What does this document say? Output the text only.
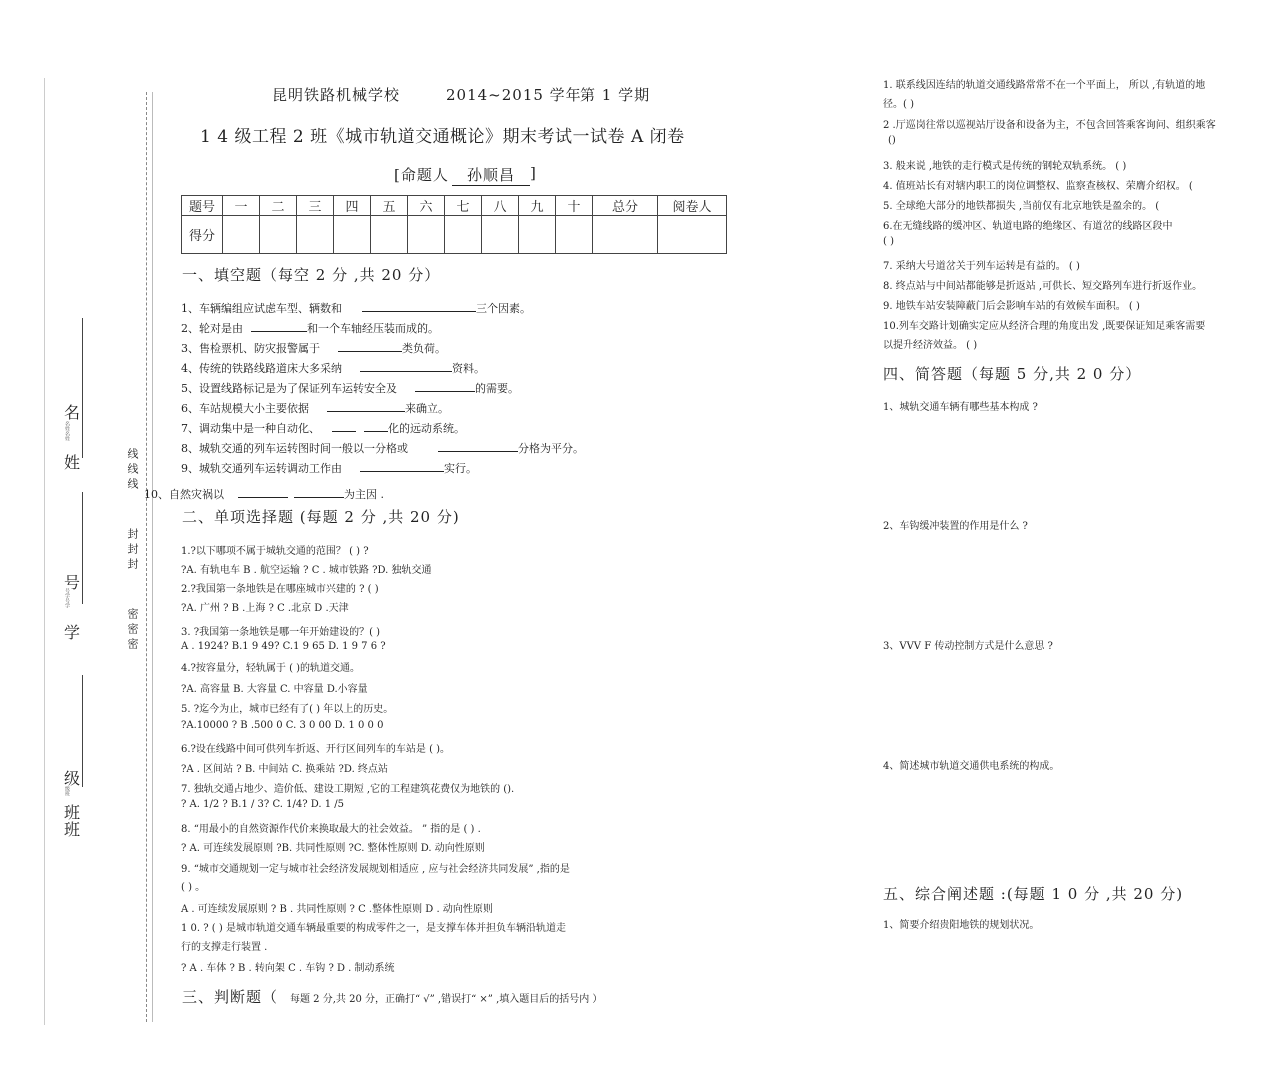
名
名姓名姓
姓
号
号学号学
学
级
级班
班
班
线线线
封封封
密密密
昆明铁路机械学校	2014~2015 学年
第 1 学期
1 4 级工程 2 班《城市轨道交通概论》期末考试一试卷 A 闭卷
[命题人	孙顺昌	]
题号	一	二	三	四	五	六	七	八	九	十	总分	阅卷人
得分												
一、填空题（每空 2 分 ,共 20 分）
1、车辆编组应试虑车型、辆数和	三个因素。
2、轮对是由	和一个车轴经压装而成的。
3、售检票机、防灾报警属于	类负荷。
4、传统的铁路线路道床大多采纳	资料。
5、设置线路标记是为了保证列车运转安全及	的需要。
6、车站规模大小主要依据	来确立。
7、调动集中是一种自动化、	化的远动系统。
8、城轨交通的列车运转图时间一般以一分格或	分格为平分。
9、城轨交通列车运转调动工作由	实行。
10、自然灾祸以	为主因 .
二、单项选择题 (每题 2 分 ,共 20 分)
1.?以下哪项不属于城轨交通的范围？ ( ) ?
?A. 有轨电车 B . 航空运输 ? C . 城市铁路 ?D. 独轨交通
2.?我国第一条地铁是在哪座城市兴建的 ? ( )
?A. 广州 ? B .上海 ? C .北京 D .天津
3. ?我国第一条地铁是哪一年开始建设的？( )
A . 1924? B.1 9 49? C.1 9 65 D. 1 9 7 6 ?
4.?按容量分，轻轨属于 ( )的轨道交通。
?A. 高容量 B. 大容量 C. 中容量 D.小容量
5. ?迄今为止，城市已经有了( ) 年以上的历史。
?A.10000 ? B .500 0 C. 3 0 00 D. 1 0 0 0
6.?设在线路中间可供列车折返、开行区间列车的车站是 ( )。
?A . 区间站 ? B. 中间站 C. 换乘站 ?D. 终点站
7. 独轨交通占地少、造价低、建设工期短 ,它的工程建筑花费仅为地铁的 ().
? A. 1/2 ? B.1 / 3? C. 1/4? D. 1 /5
8. “用最小的自然资源作代价来换取最大的社会效益。 ” 指的是 ( ) .
? A. 可连续发展原则 ?B. 共同性原则 ?C. 整体性原则 D. 动向性原则
9. “城市交通规划一定与城市社会经济发展规划相适应 , 应与社会经济共同发展” ,指的是
( ) 。
A . 可连续发展原则 ? B . 共同性原则 ? C .整体性原则 D . 动向性原则
1 0. ? ( ) 是城市轨道交通车辆最重要的构成零件之一，是支撑车体并担负车辆沿轨道走
行的支撑走行装置 .
? A . 车体 ? B . 转向架 C . 车钩 ? D . 制动系统
三、判断题（ 每题 2 分,共 20 分，正确打“ √” ,错误打“ ×” ,填入题目后的括号内 ）
1. 联系线因连结的轨道交通线路常常不在一个平面上， 所以 ,有轨道的地
径。( )
2 .厅巡岗往常以巡视站厅设备和设备为主，不包含回答乘客询问、组织乘客
()
3. 般来说 ,地铁的走行模式是传统的钢轮双轨系统。 ( )
4. 值班站长有对辖内职工的岗位调整权、监察查核权、荣膺介绍权。 (
5. 全球绝大部分的地铁都损失 ,当前仅有北京地铁是盈余的。 (
6.在无缝线路的缓冲区、轨道电路的绝缘区、有道岔的线路区段中
( )
7. 采纳大号道岔关于列车运转是有益的。 ( )
8. 终点站与中间站都能够是折返站 ,可供长、短交路列车进行折返作业。
9. 地铁车站安装障蔽门后会影响车站的有效候车面积。 ( )
10.列车交路计划确实定应从经济合理的角度出发 ,既要保证知足乘客需要
以提升经济效益。 ( )
四、简答题（每题 5 分,共 2 0 分）
1、城轨交通车辆有哪些基本构成 ?
2、车钩缓冲装置的作用是什么 ?
3、VVV F 传动控制方式是什么意思 ?
4、简述城市轨道交通供电系统的构成。
五、综合阐述题 :(每题 1 0 分 ,共 20 分)
1、简要介绍贵阳地铁的规划状况。
